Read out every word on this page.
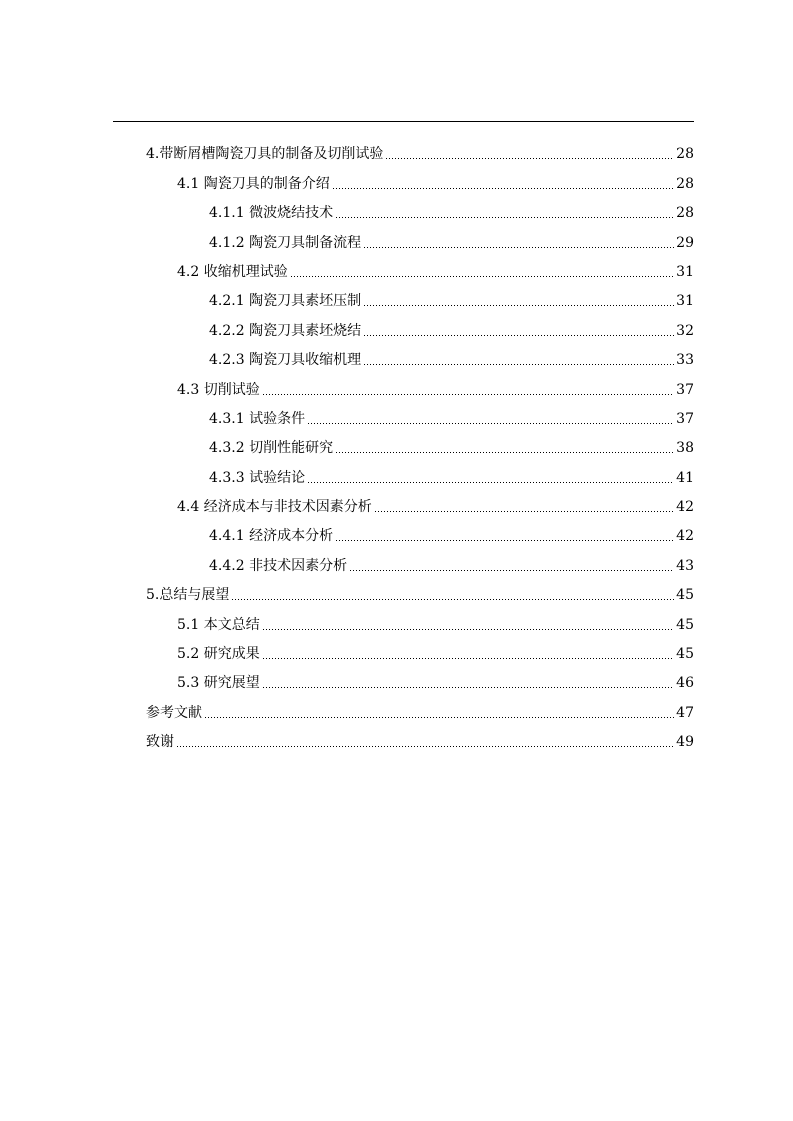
4.带断屑槽陶瓷刀具的制备及切削试验	28
4.1 陶瓷刀具的制备介绍	28
4.1.1 微波烧结技术	28
4.1.2 陶瓷刀具制备流程	29
4.2 收缩机理试验	31
4.2.1 陶瓷刀具素坯压制	31
4.2.2 陶瓷刀具素坯烧结	32
4.2.3 陶瓷刀具收缩机理	33
4.3 切削试验	37
4.3.1 试验条件	37
4.3.2 切削性能研究	38
4.3.3 试验结论	41
4.4 经济成本与非技术因素分析	42
4.4.1 经济成本分析	42
4.4.2 非技术因素分析	43
5.总结与展望	45
5.1 本文总结	45
5.2 研究成果	45
5.3 研究展望	46
参考文献	47
致谢	49
